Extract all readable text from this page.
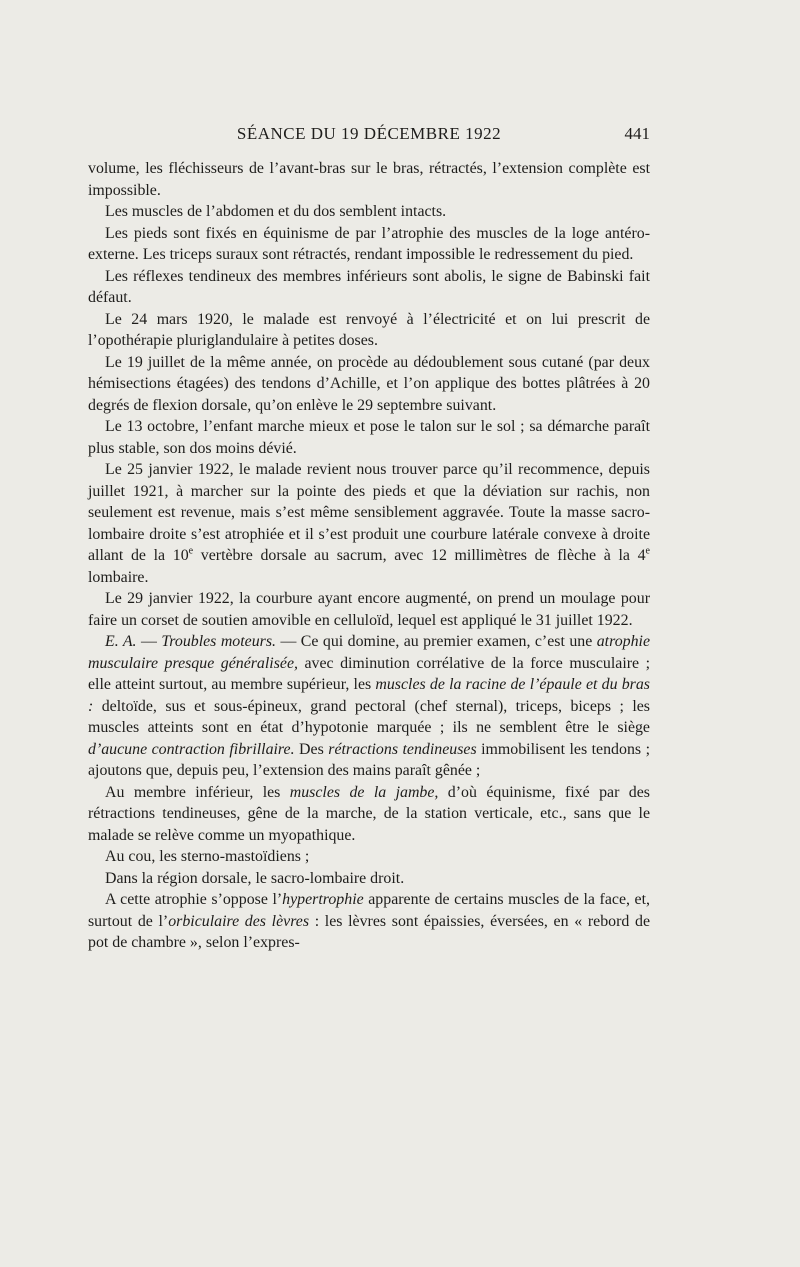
SÉANCE DU 19 DÉCEMBRE 1922	441

volume, les fléchisseurs de l’avant-bras sur le bras, rétractés, l’extension complète est impossible.

Les muscles de l’abdomen et du dos semblent intacts.

Les pieds sont fixés en équinisme de par l’atrophie des muscles de la loge antéro-externe. Les triceps suraux sont rétractés, rendant impossible le redressement du pied.

Les réflexes tendineux des membres inférieurs sont abolis, le signe de Babinski fait défaut.

Le 24 mars 1920, le malade est renvoyé à l’électricité et on lui prescrit de l’opothérapie pluriglandulaire à petites doses.

Le 19 juillet de la même année, on procède au dédoublement sous cutané (par deux hémisections étagées) des tendons d’Achille, et l’on applique des bottes plâtrées à 20 degrés de flexion dorsale, qu’on enlève le 29 septembre suivant.

Le 13 octobre, l’enfant marche mieux et pose le talon sur le sol ; sa démarche paraît plus stable, son dos moins dévié.

Le 25 janvier 1922, le malade revient nous trouver parce qu’il recommence, depuis juillet 1921, à marcher sur la pointe des pieds et que la déviation sur rachis, non seulement est revenue, mais s’est même sensiblement aggravée. Toute la masse sacro-lombaire droite s’est atrophiée et il s’est produit une courbure latérale convexe à droite allant de la 10e vertèbre dorsale au sacrum, avec 12 millimètres de flèche à la 4e lombaire.

Le 29 janvier 1922, la courbure ayant encore augmenté, on prend un moulage pour faire un corset de soutien amovible en celluloïd, lequel est appliqué le 31 juillet 1922.

E. A. — Troubles moteurs. — Ce qui domine, au premier examen, c’est une atrophie musculaire presque généralisée, avec diminution corrélative de la force musculaire ; elle atteint surtout, au membre supérieur, les muscles de la racine de l’épaule et du bras : deltoïde, sus et sous-épineux, grand pectoral (chef sternal), triceps, biceps ; les muscles atteints sont en état d’hypotonie marquée ; ils ne semblent être le siège d’aucune contraction fibrillaire. Des rétractions tendineuses immobilisent les tendons ; ajoutons que, depuis peu, l’extension des mains paraît gênée ;

Au membre inférieur, les muscles de la jambe, d’où équinisme, fixé par des rétractions tendineuses, gêne de la marche, de la station verticale, etc., sans que le malade se relève comme un myopathique.

Au cou, les sterno-mastoïdiens ;

Dans la région dorsale, le sacro-lombaire droit.

A cette atrophie s’oppose l’hypertrophie apparente de certains muscles de la face, et, surtout de l’orbiculaire des lèvres : les lèvres sont épaissies, éversées, en « rebord de pot de chambre », selon l’expres-
